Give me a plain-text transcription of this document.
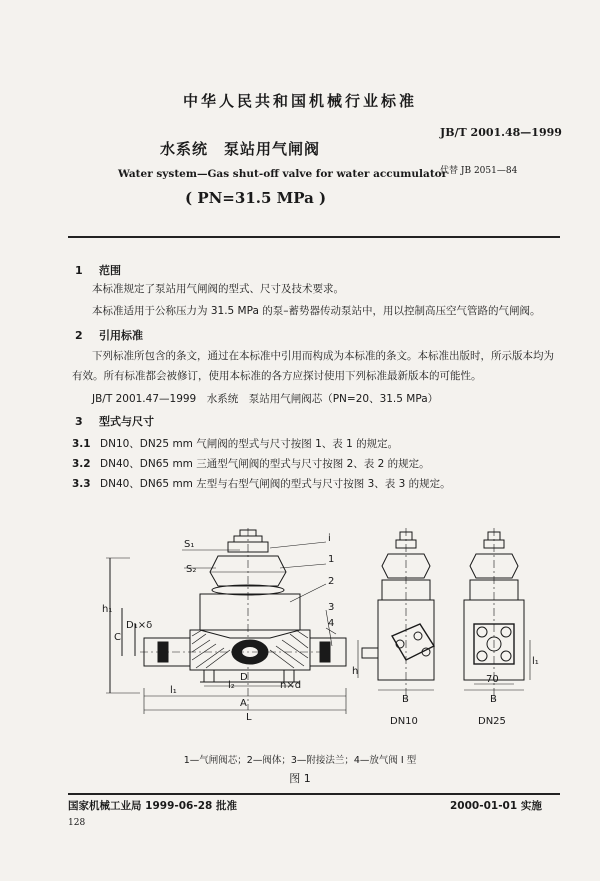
中华人民共和国机械行业标准
JB/T 2001.48—1999
水系统　泵站用气闸阀
代替 JB 2051—84
Water system—Gas shut-off valve for water accumulator
( PN=31.5 MPa )
1 范围
本标准规定了泵站用气闸阀的型式、尺寸及技术要求。
本标准适用于公称压力为 31.5 MPa 的泵–蓄势器传动泵站中，用以控制高压空气管路的气闸阀。
2 引用标准
下列标准所包含的条文，通过在本标准中引用而构成为本标准的条文。本标准出版时，所示版本均为有效。所有标准都会被修订，使用本标准的各方应探讨使用下列标准最新版本的可能性。
JB/T 2001.47—1999　水系统　泵站用气闸阀芯（PN=20、31.5 MPa）
3 型式与尺寸
3.1 DN10、DN25 mm 气闸阀的型式与尺寸按图 1、表 1 的规定。
3.2 DN40、DN65 mm 三通型气闸阀的型式与尺寸按图 2、表 2 的规定。
3.3 DN40、DN65 mm 左型与右型气闸阀的型式与尺寸按图 3、表 3 的规定。
S₁
S₂
i
1
2
3
4
h₁
C
D₁×δ
l₁	l₂
D
A
L
n×d
B
h
70
B
l₁
DN10	DN25
1—气闸阀芯；2—阀体；3—附接法兰；4—放气阀 I 型
图 1
国家机械工业局 1999-06-28 批准	2000-01-01 实施
128
